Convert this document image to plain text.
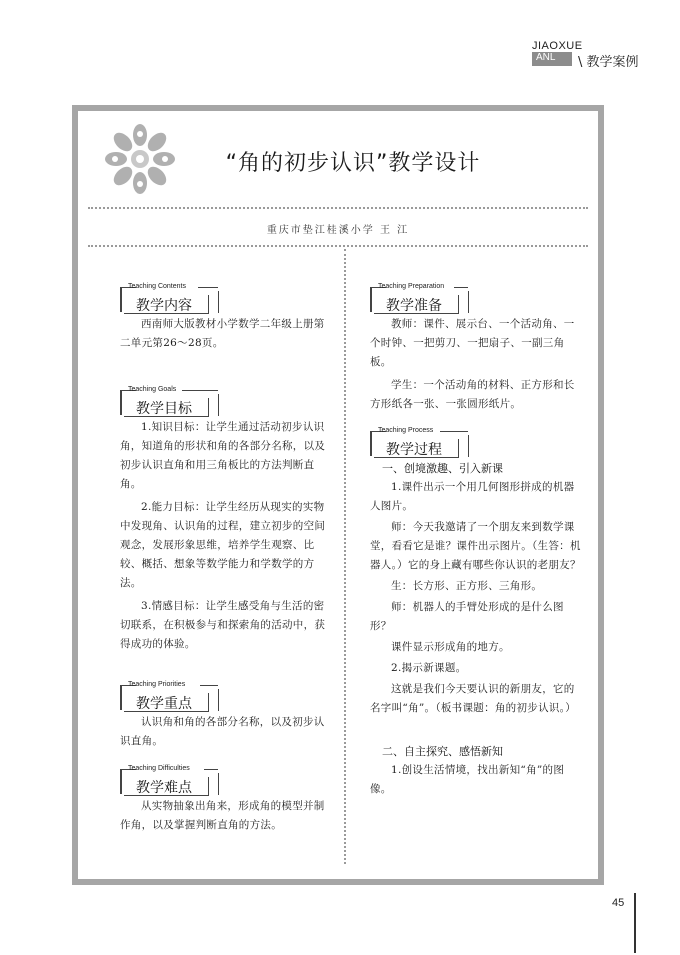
JIAOXUE
ANL \ 教学案例
“角的初步认识”教学设计
重庆市垫江桂溪小学 王 江
Teaching Contents
教学内容

西南师大版教材小学数学二年级上册第二单元第26～28页。

Teaching Goals
教学目标

1.知识目标：让学生通过活动初步认识角，知道角的形状和角的各部分名称，以及初步认识直角和用三角板比的方法判断直角。

2.能力目标：让学生经历从现实的实物中发现角、认识角的过程，建立初步的空间观念，发展形象思维，培养学生观察、比较、概括、想象等数学能力和学数学的方法。

3.情感目标：让学生感受角与生活的密切联系，在积极参与和探索角的活动中，获得成功的体验。

Teaching Priorities
教学重点

认识角和角的各部分名称，以及初步认识直角。

Teaching Difficulties
教学难点

从实物抽象出角来，形成角的模型并制作角，以及掌握判断直角的方法。

Teaching Preparation
教学准备

教师：课件、展示台、一个活动角、一个时钟、一把剪刀、一把扇子、一副三角板。

学生：一个活动角的材料、正方形和长方形纸各一张、一张圆形纸片。

Teaching Process
教学过程

一、创境激趣、引入新课

1.课件出示一个用几何图形拼成的机器人图片。

师：今天我邀请了一个朋友来到数学课堂，看看它是谁？课件出示图片。（生答：机器人。）它的身上藏有哪些你认识的老朋友？

生：长方形、正方形、三角形。

师：机器人的手臂处形成的是什么图形？

课件显示形成角的地方。

2.揭示新课题。

这就是我们今天要认识的新朋友，它的名字叫“角”。（板书课题：角的初步认识。）

二、自主探究、感悟新知

1.创设生活情境，找出新知“角”的图像。

45
